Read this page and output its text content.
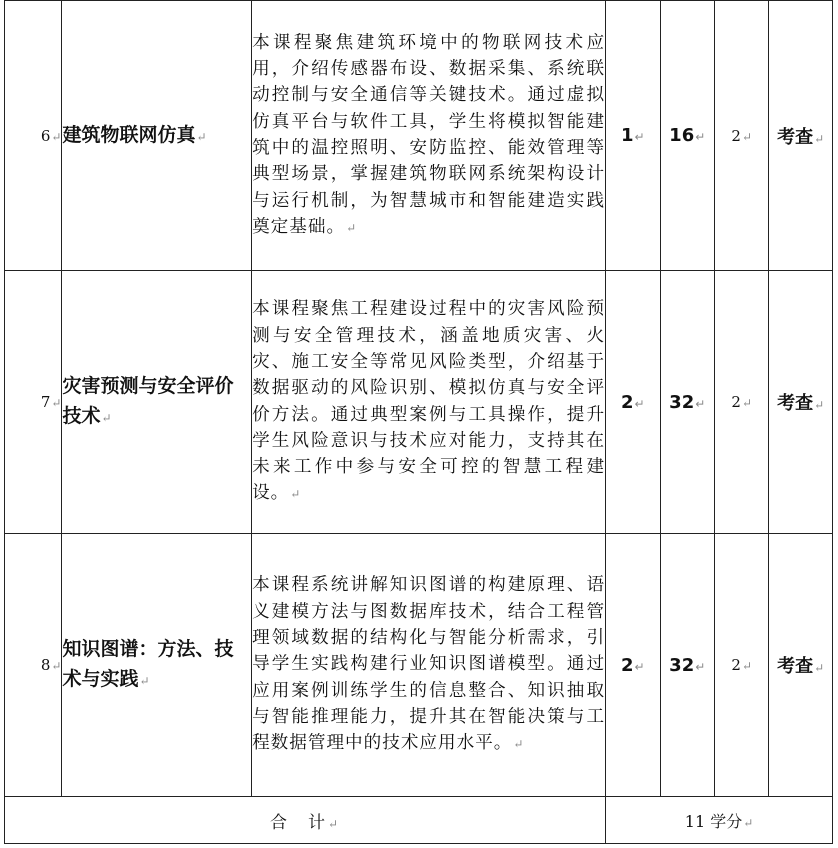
6↵	建筑物联网仿真↵	本课程聚焦建筑环境中的物联网技术应用，介绍传感器布设、数据采集、系统联动控制与安全通信等关键技术。通过虚拟仿真平台与软件工具，学生将模拟智能建筑中的温控照明、安防监控、能效管理等典型场景，掌握建筑物联网系统架构设计与运行机制，为智慧城市和智能建造实践奠定基础。↵	1↵	16↵	2↵	考查↵
7↵	灾害预测与安全评价技术↵	本课程聚焦工程建设过程中的灾害风险预测与安全管理技术，涵盖地质灾害、火灾、施工安全等常见风险类型，介绍基于数据驱动的风险识别、模拟仿真与安全评价方法。通过典型案例与工具操作，提升学生风险意识与技术应对能力，支持其在未来工作中参与安全可控的智慧工程建设。↵	2↵	32↵	2↵	考查↵
8↵	知识图谱：方法、技术与实践↵	本课程系统讲解知识图谱的构建原理、语义建模方法与图数据库技术，结合工程管理领域数据的结构化与智能分析需求，引导学生实践构建行业知识图谱模型。通过应用案例训练学生的信息整合、知识抽取与智能推理能力，提升其在智能决策与工程数据管理中的技术应用水平。↵	2↵	32↵	2↵	考查↵
合　计↵			11 学分↵			
